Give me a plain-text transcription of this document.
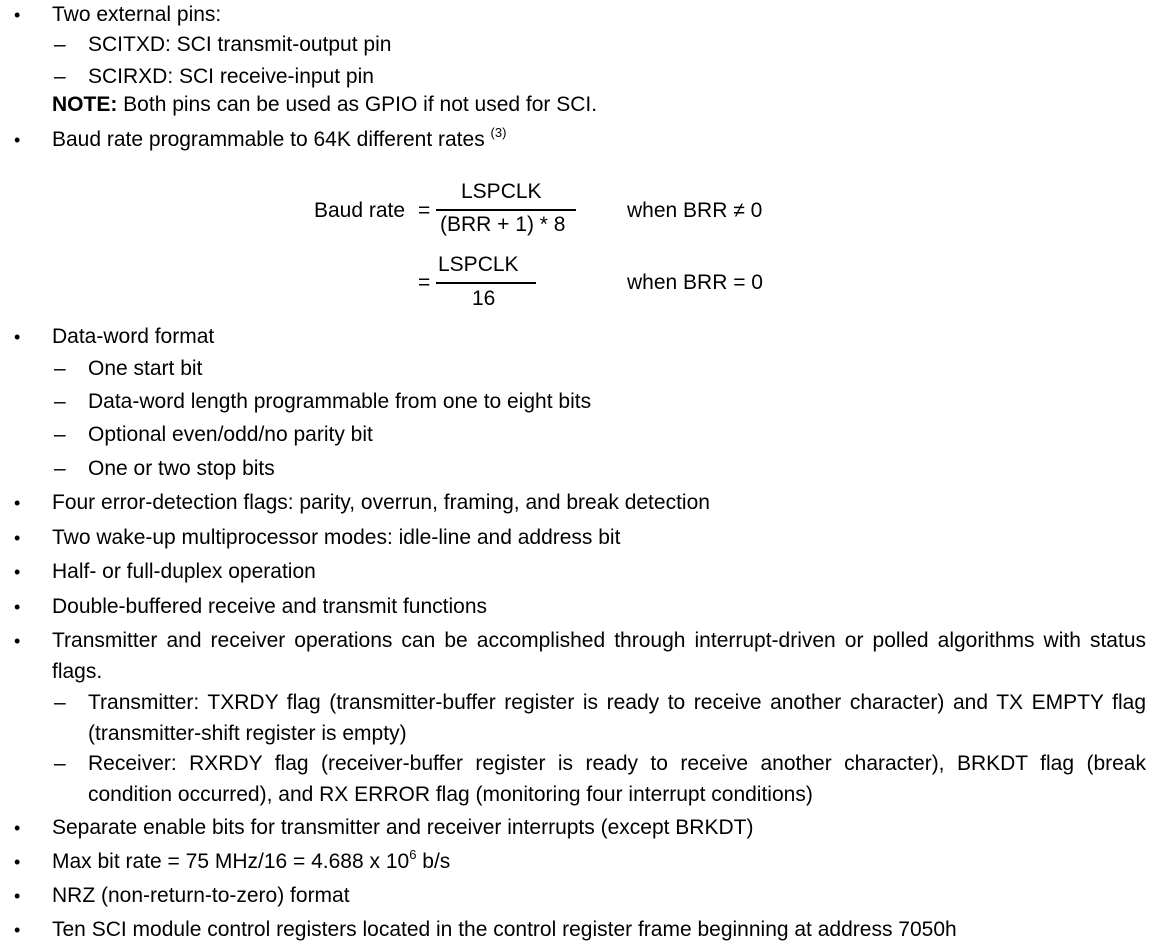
• Two external pins:
– SCITXD: SCI transmit-output pin
– SCIRXD: SCI receive-input pin
NOTE: Both pins can be used as GPIO if not used for SCI.
• Baud rate programmable to 64K different rates $^{(3)}$
Baud rate =
LSPCLK
(BRR + 1) * 8
when BRR ≠ 0
=
LSPCLK
16
when BRR = 0
• Data-word format
– One start bit
– Data-word length programmable from one to eight bits
– Optional even/odd/no parity bit
– One or two stop bits
• Four error-detection flags: parity, overrun, framing, and break detection
• Two wake-up multiprocessor modes: idle-line and address bit
• Half- or full-duplex operation
• Double-buffered receive and transmit functions
• Transmitter and receiver operations can be accomplished through interrupt-driven or polled algorithms with status flags.
– Transmitter: TXRDY flag (transmitter-buffer register is ready to receive another character) and TX EMPTY flag (transmitter-shift register is empty)
– Receiver: RXRDY flag (receiver-buffer register is ready to receive another character), BRKDT flag (break condition occurred), and RX ERROR flag (monitoring four interrupt conditions)
• Separate enable bits for transmitter and receiver interrupts (except BRKDT)
• Max bit rate = 75 MHz/16 = 4.688 x $10^6$ b/s
• NRZ (non-return-to-zero) format
• Ten SCI module control registers located in the control register frame beginning at address 7050h
